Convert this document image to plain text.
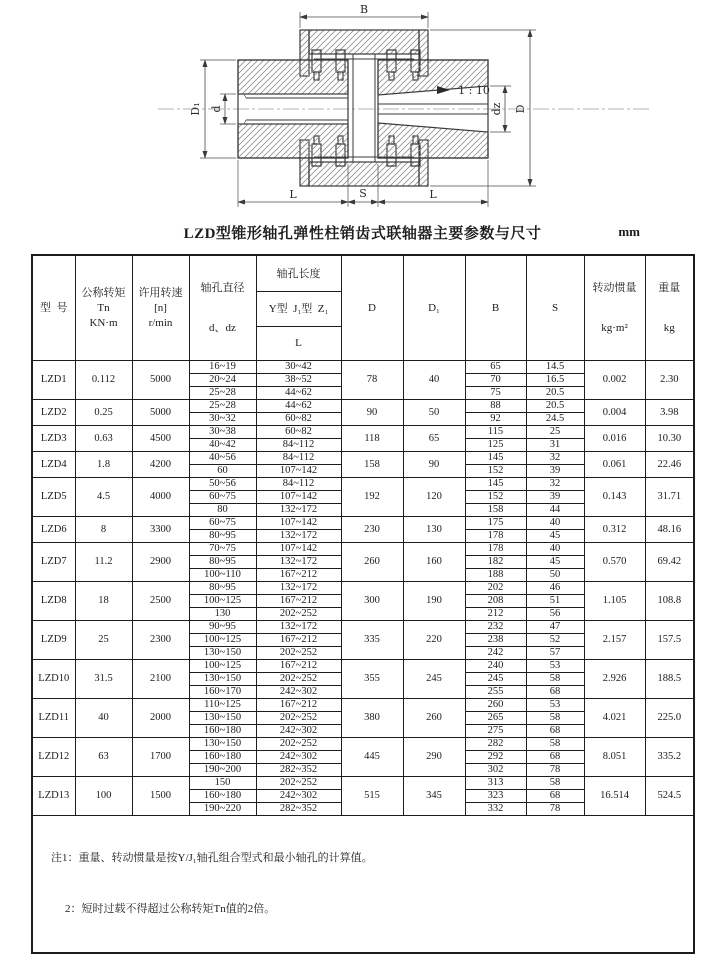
1 : 10
B
D₁ d	dz D
L	S	L
LZD型锥形轴孔弹性柱销齿式联轴器主要参数与尺寸	mm
型  号	

公称转矩
Tn
KN·m

许用转速
[n]
r/min

轴孔直径
d、dz

	轴孔长度	D	D₁	B	S	

转动惯量
kg·m²

重量
kg

				Y型  J₁型  Z₁						
				L						
LZD1	0.112	5000	16~19	30~42	78	40	65	14.5	0.002	2.30
			20~24	38~52			70	16.5		
			25~28	44~62			75	20.5		
LZD2	0.25	5000	25~28	44~62	90	50	88	20.5	0.004	3.98
			30~32	60~82			92	24.5		
LZD3	0.63	4500	30~38	60~82	118	65	115	25	0.016	10.30
			40~42	84~112			125	31		
LZD4	1.8	4200	40~56	84~112	158	90	145	32	0.061	22.46
			60	107~142			152	39		
LZD5	4.5	4000	50~56	84~112	192	120	145	32	0.143	31.71
			60~75	107~142			152	39		
			80	132~172			158	44		
LZD6	8	3300	60~75	107~142	230	130	175	40	0.312	48.16
			80~95	132~172			178	45		
LZD7	11.2	2900	70~75	107~142	260	160	178	40	0.570	69.42
			80~95	132~172			182	45		
			100~110	167~212			188	50		
LZD8	18	2500	80~95	132~172	300	190	202	46	1.105	108.8
			100~125	167~212			208	51		
			130	202~252			212	56		
LZD9	25	2300	90~95	132~172	335	220	232	47	2.157	157.5
			100~125	167~212			238	52		
			130~150	202~252			242	57		
LZD10	31.5	2100	100~125	167~212	355	245	240	53	2.926	188.5
			130~150	202~252			245	58		
			160~170	242~302			255	68		
LZD11	40	2000	110~125	167~212	380	260	260	53	4.021	225.0
			130~150	202~252			265	58		
			160~180	242~302			275	68		
LZD12	63	1700	130~150	202~252	445	290	282	58	8.051	335.2
			160~180	242~302			292	68		
			190~200	282~352			302	78		
LZD13	100	1500	150	202~252	515	345	313	58	16.514	524.5
			160~180	242~302			323	68		
			190~220	282~352			332	78		

注1：重量、转动惯量是按Y/J₁轴孔组合型式和最小轴孔的计算值。

2：短时过载不得超过公称转矩Tn值的2倍。										
